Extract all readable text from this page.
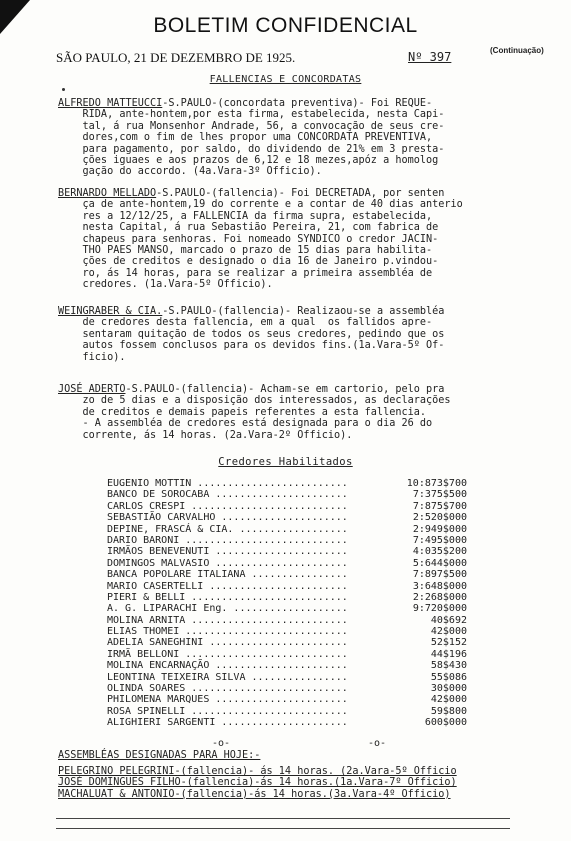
BOLETIM CONFIDENCIAL
SÃO PAULO, 21 DE DEZEMBRO DE 1925.	Nº 397	(Continuação)
FALLENCIAS E CONCORDATAS
ALFREDO MATTEUCCI-S.PAULO-(concordata preventiva)- Foi REQUE-
RIDA, ante-hontem,por esta firma, estabelecida, nesta Capi-
tal, á rua Monsenhor Andrade, 56, a convocação de seus cre-
dores,com o fim de lhes propor uma CONCORDATA PREVENTIVA,
para pagamento, por saldo, do dividendo de 21% em 3 presta-
ções iguaes e aos prazos de 6,12 e 18 mezes,apóz a homolog
gação do accordo. (4a.Vara-3º Officio).
BERNARDO MELLADO-S.PAULO-(fallencia)- Foi DECRETADA, por senten
ça de ante-hontem,19 do corrente e a contar de 40 dias anterio
res a 12/12/25, a FALLENCIA da firma supra, estabelecida,
nesta Capital, á rua Sebastião Pereira, 21, com fabrica de
chapeus para senhoras. Foi nomeado SYNDICO o credor JACIN-
THO PAES MANSO, marcado o prazo de 15 dias para habilita-
ções de creditos e designado o dia 16 de Janeiro p.vindou-
ro, ás 14 horas, para se realizar a primeira assembléa de
credores. (1a.Vara-5º Officio).
WEINGRABER & CIA.-S.PAULO-(fallencia)- Realizaou-se a assembléa
de credores desta fallencia, em a qual  os fallidos apre-
sentaram quitação de todos os seus credores, pedindo que os
autos fossem conclusos para os devidos fins.(1a.Vara-5º Of-
ficio).
JOSÉ ADERTO-S.PAULO-(fallencia)- Acham-se em cartorio, pelo pra
zo de 5 dias e a disposição dos interessados, as declarações
de creditos e demais papeis referentes a esta fallencia.
- A assembléa de credores está designada para o dia 26 do
corrente, ás 14 horas. (2a.Vara-2º Officio).
Credores Habilitados
EUGENIO MOTTIN .........................	10:873$700
BANCO DE SOROCABA ......................	7:375$500
CARLOS CRESPI ..........................	7:875$700
SEBASTIÃO CARVALHO .....................	2:520$000
DEPINE, FRASCÁ & CIA. ..................	2:949$000
DARIO BARONI ...........................	7:495$000
IRMÃOS BENEVENUTI ......................	4:035$200
DOMINGOS MALVASIO ......................	5:644$000
BANCA POPOLARE ITALIANA ................	7:897$500
MARIO CASERTELLI .......................	3:648$000
PIERI & BELLI ..........................	2:268$000
A. G. LIPARACHI Eng. ...................	9:720$000
MOLINA ARNITA ..........................	40$692
ELIAS THOMEI ...........................	42$000
ADELIA SANEGHINI .......................	52$152
IRMÃ BELLONI ...........................	44$196
MOLINA ENCARNAÇÃO ......................	58$430
LEONTINA TEIXEIRA SILVA ................	55$086
OLINDA SOARES ..........................	30$000
PHILOMENA MARQUES ......................	42$000
ROSA SPINELLI ..........................	59$800
ALIGHIERI SARGENTI .....................	600$000
-o-	-o-
ASSEMBLÉAS DESIGNADAS PARA HOJE:-
PELEGRINO PELEGRINI-(fallencia)- ás 14 horas. (2a.Vara-5º Officio
JOSÉ DOMINGUES FILHO-(fallencia)-ás 14 horas.(1a.Vara-7º Officio)
MACHALUAT & ANTONIO-(fallencia)-ás 14 horas.(3a.Vara-4º Officio)
